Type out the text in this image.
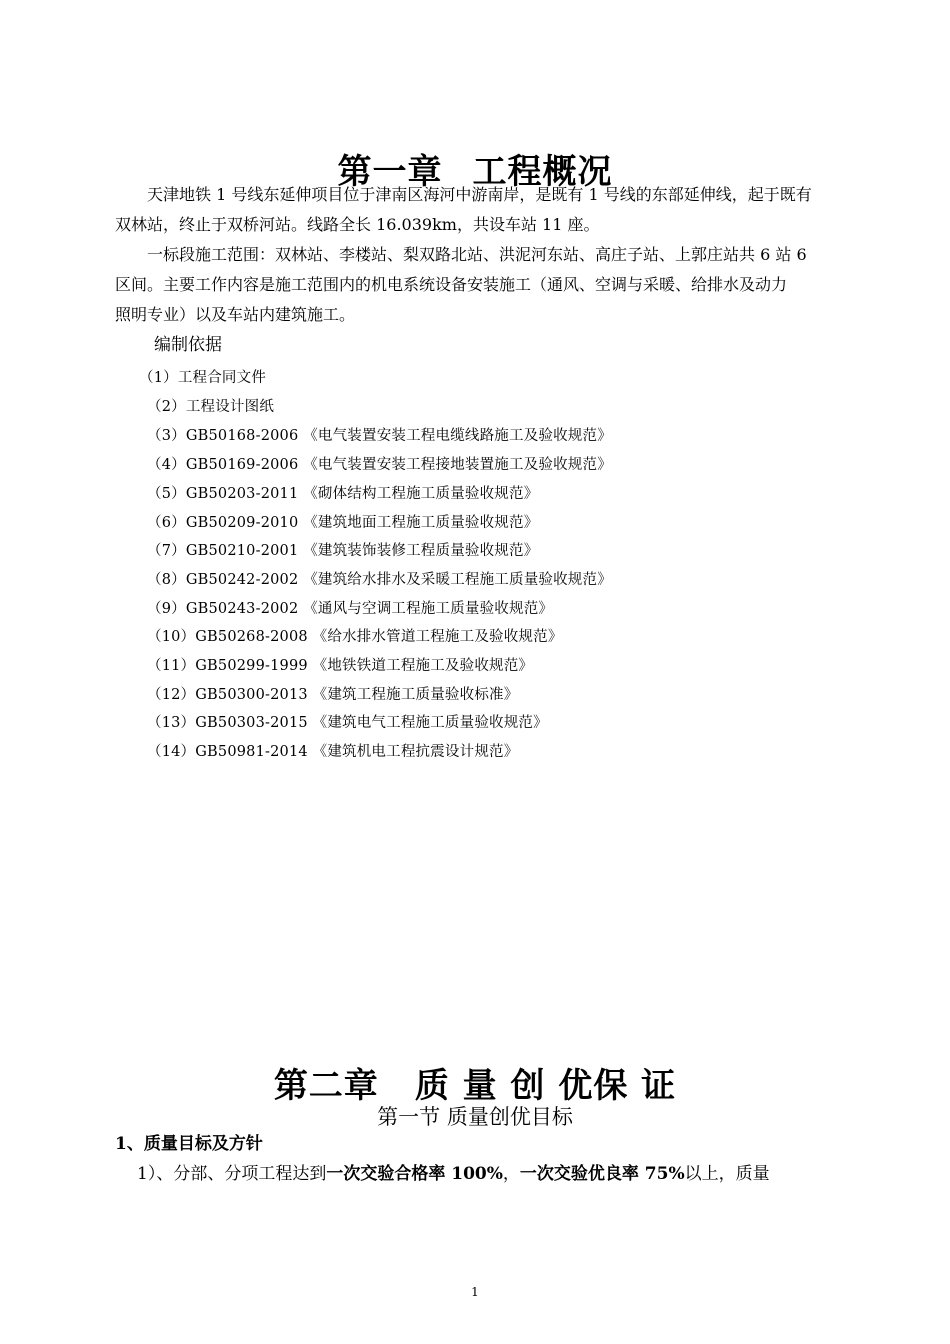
第一章 工程概况
天津地铁 1 号线东延伸项目位于津南区海河中游南岸，是既有 1 号线的东部延伸线，起于既有
双林站，终止于双桥河站。线路全长 16.039km，共设车站 11 座。
一标段施工范围：双林站、李楼站、梨双路北站、洪泥河东站、高庄子站、上郭庄站共 6 站 6
区间。主要工作内容是施工范围内的机电系统设备安装施工（通风、空调与采暖、给排水及动力
照明专业）以及车站内建筑施工。
编制依据
（1）工程合同文件
（2）工程设计图纸
（3）GB50168-2006 《电气装置安装工程电缆线路施工及验收规范》
（4）GB50169-2006 《电气装置安装工程接地装置施工及验收规范》
（5）GB50203-2011 《砌体结构工程施工质量验收规范》
（6）GB50209-2010 《建筑地面工程施工质量验收规范》
（7）GB50210-2001 《建筑装饰装修工程质量验收规范》
（8）GB50242-2002 《建筑给水排水及采暖工程施工质量验收规范》
（9）GB50243-2002 《通风与空调工程施工质量验收规范》
（10）GB50268-2008 《给水排水管道工程施工及验收规范》
（11）GB50299-1999 《地铁铁道工程施工及验收规范》
（12）GB50300-2013 《建筑工程施工质量验收标准》
（13）GB50303-2015 《建筑电气工程施工质量验收规范》
（14）GB50981-2014 《建筑机电工程抗震设计规范》
第二章 质 量 创 优保 证
第一节 质量创优目标
1、质量目标及方针
1）、分部、分项工程达到一次交验合格率 100%，一次交验优良率 75%以上，质量
1
